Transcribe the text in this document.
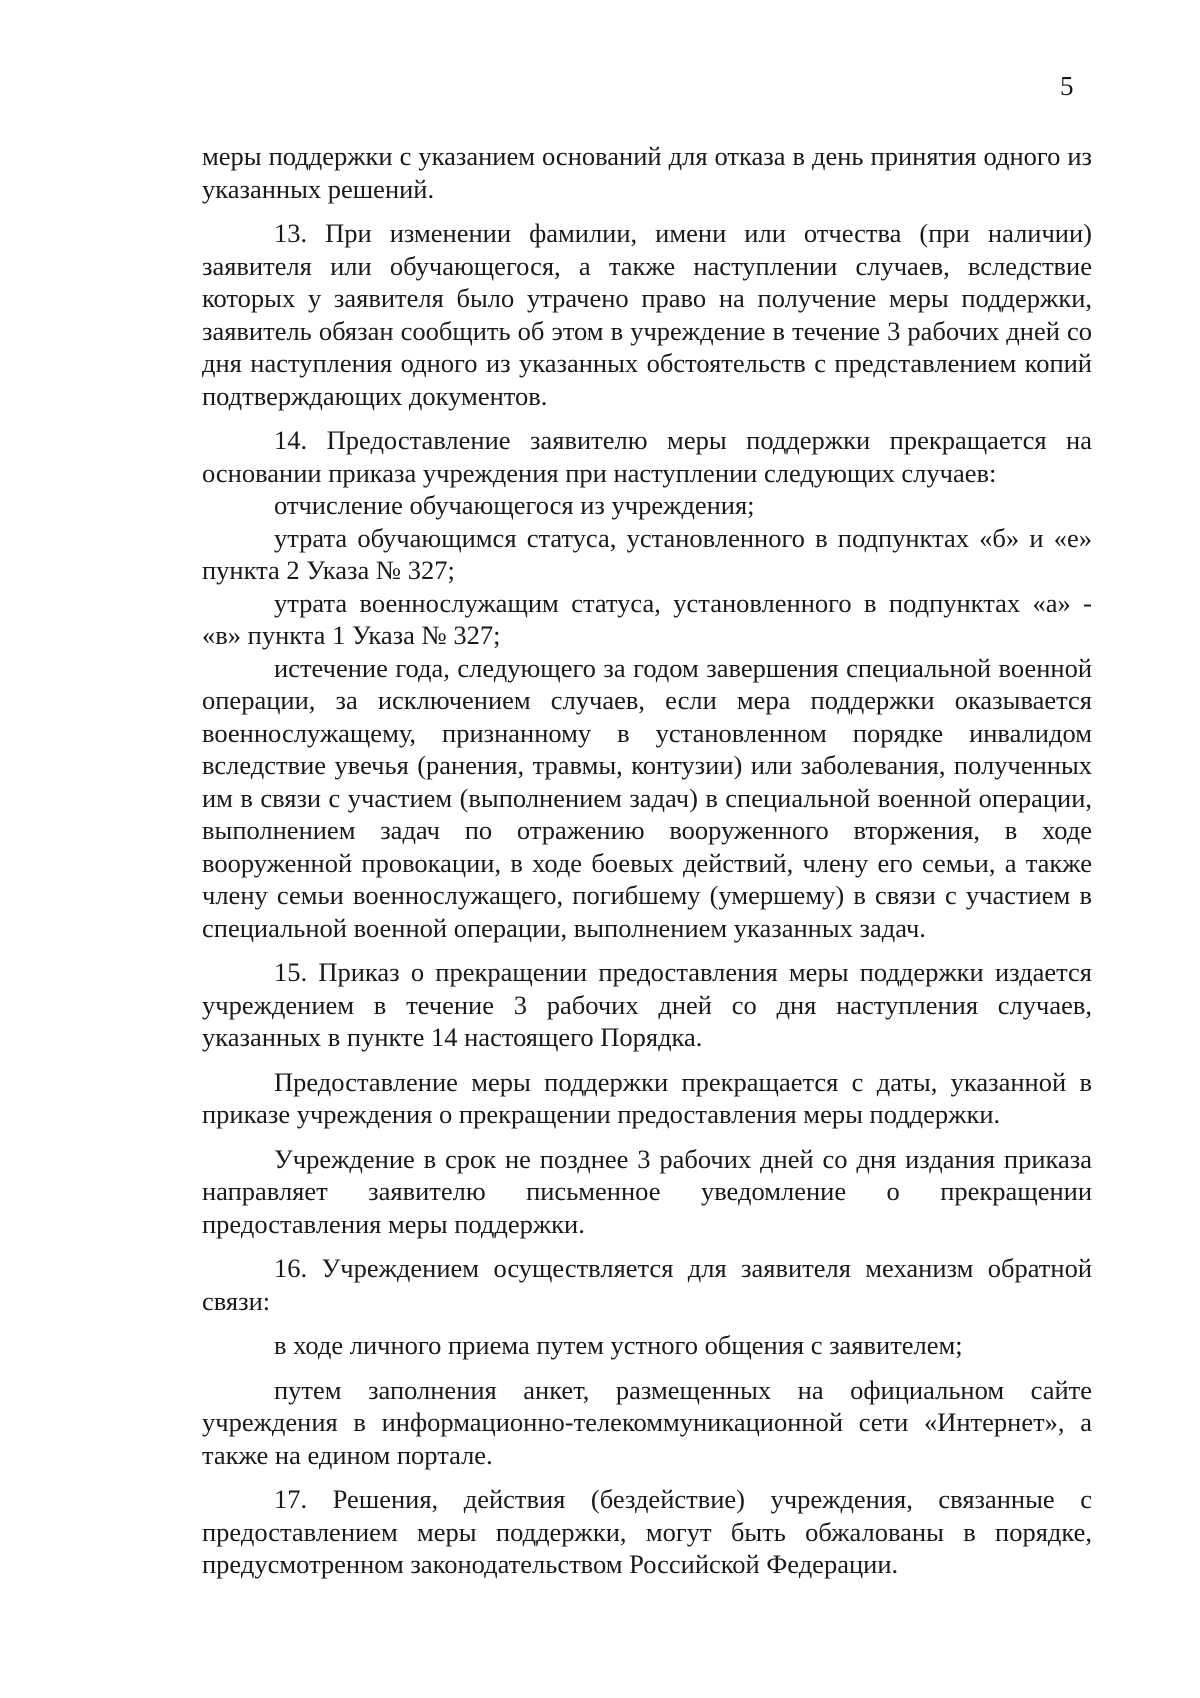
5

меры поддержки с указанием оснований для отказа в день принятия одного из указанных решений.

13. При изменении фамилии, имени или отчества (при наличии) заявителя или обучающегося, а также наступлении случаев, вследствие которых у заявителя было утрачено право на получение меры поддержки, заявитель обязан сообщить об этом в учреждение в течение 3 рабочих дней со дня наступления одного из указанных обстоятельств с представлением копий подтверждающих документов.

14. Предоставление заявителю меры поддержки прекращается на основании приказа учреждения при наступлении следующих случаев:

отчисление обучающегося из учреждения;

утрата обучающимся статуса, установленного в подпунктах «б» и «е» пункта 2 Указа № 327;

утрата военнослужащим статуса, установленного в подпунктах «а» - «в» пункта 1 Указа № 327;

истечение года, следующего за годом завершения специальной военной операции, за исключением случаев, если мера поддержки оказывается военнослужащему, признанному в установленном порядке инвалидом вследствие увечья (ранения, травмы, контузии) или заболевания, полученных им в связи с участием (выполнением задач) в специальной военной операции, выполнением задач по отражению вооруженного вторжения, в ходе вооруженной провокации, в ходе боевых действий, члену его семьи, а также члену семьи военнослужащего, погибшему (умершему) в связи с участием в специальной военной операции, выполнением указанных задач.

15. Приказ о прекращении предоставления меры поддержки издается учреждением в течение 3 рабочих дней со дня наступления случаев, указанных в пункте 14 настоящего Порядка.

Предоставление меры поддержки прекращается с даты, указанной в приказе учреждения о прекращении предоставления меры поддержки.

Учреждение в срок не позднее 3 рабочих дней со дня издания приказа направляет заявителю письменное уведомление о прекращении предоставления меры поддержки.

16. Учреждением осуществляется для заявителя механизм обратной связи:

в ходе личного приема путем устного общения с заявителем;

путем заполнения анкет, размещенных на официальном сайте учреждения в информационно-телекоммуникационной сети «Интернет», а также на едином портале.

17. Решения, действия (бездействие) учреждения, связанные с предоставлением меры поддержки, могут быть обжалованы в порядке, предусмотренном законодательством Российской Федерации.
